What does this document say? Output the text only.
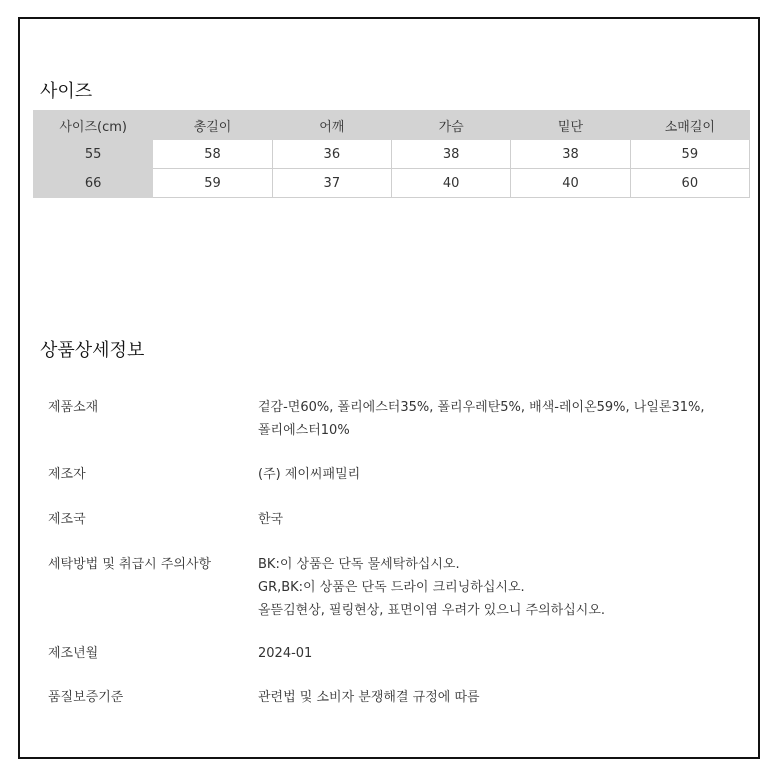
사이즈
사이즈(cm)	총길이	어깨	가슴	밑단	소매길이
55	58	36	38	38	59
66	59	37	40	40	60
상품상세정보
제품소재	겉감-면60%, 폴리에스터35%, 폴리우레탄5%, 배색-레이온59%, 나일론31%,
폴리에스터10%
제조자	(주) 제이씨패밀리
제조국	한국
세탁방법 및 취급시 주의사항	BK:이 상품은 단독 물세탁하십시오.
GR,BK:이 상품은 단독 드라이 크리닝하십시오.
올뜯김현상, 필링현상, 표면이염 우려가 있으니 주의하십시오.
제조년월	2024-01
품질보증기준	관련법 및 소비자 분쟁해결 규정에 따름
